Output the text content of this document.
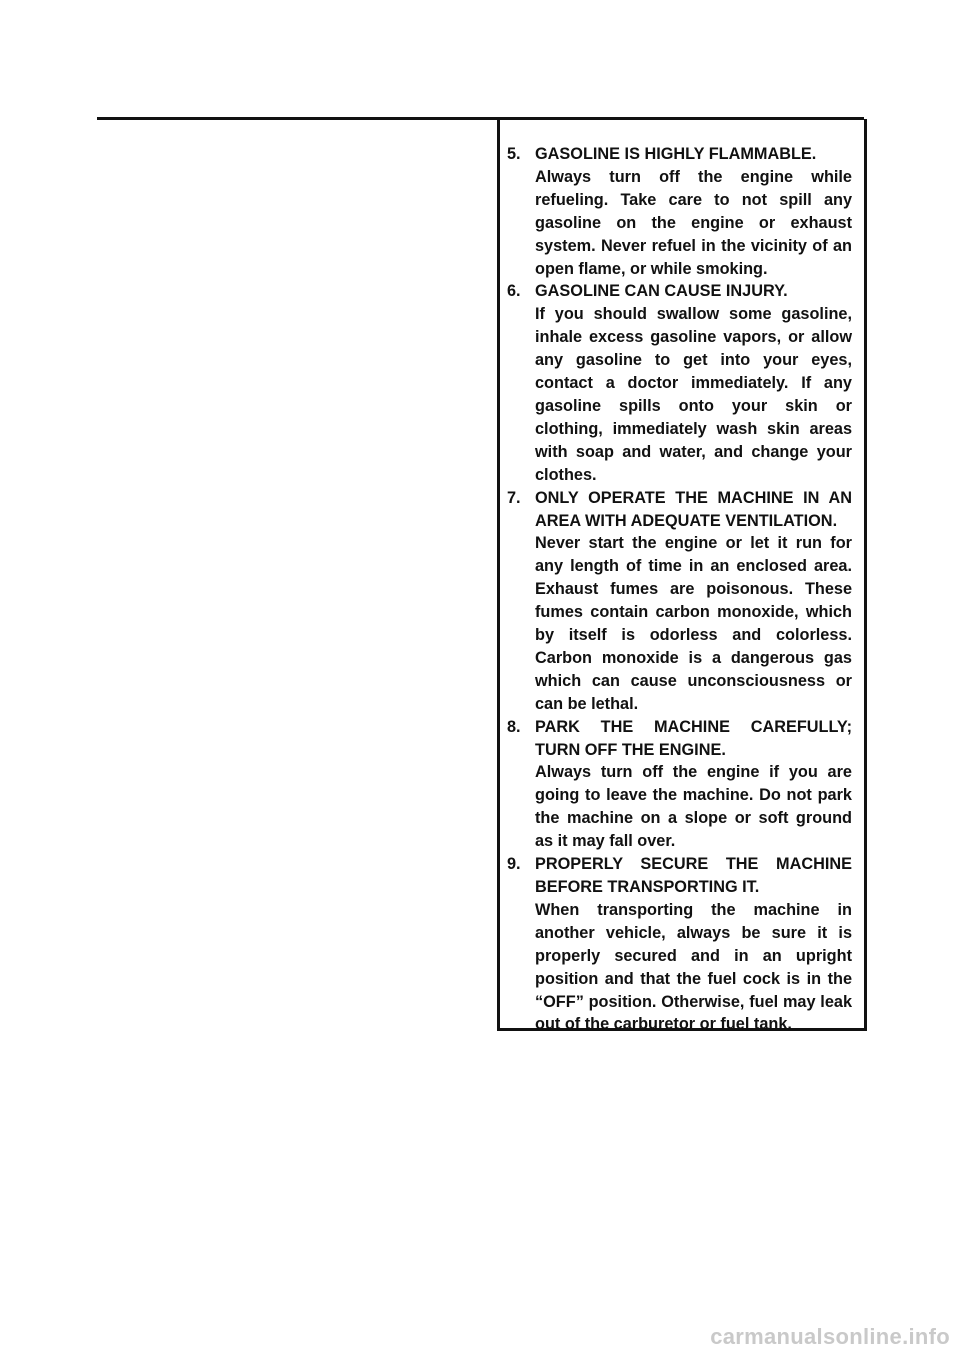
5. GASOLINE IS HIGHLY FLAMMABLE.
Always turn off the engine while refueling. Take care to not spill any gasoline on the engine or exhaust system. Never refuel in the vicinity of an open flame, or while smoking.
6. GASOLINE CAN CAUSE INJURY.
If you should swallow some gasoline, inhale excess gasoline vapors, or allow any gasoline to get into your eyes, contact a doctor immediately. If any gasoline spills onto your skin or clothing, immediately wash skin areas with soap and water, and change your clothes.
7. ONLY OPERATE THE MACHINE IN AN AREA WITH ADEQUATE VENTILATION.
Never start the engine or let it run for any length of time in an enclosed area. Exhaust fumes are poisonous. These fumes contain carbon monoxide, which by itself is odorless and colorless. Carbon monoxide is a dangerous gas which can cause unconsciousness or can be lethal.
8. PARK THE MACHINE CAREFULLY; TURN OFF THE ENGINE.
Always turn off the engine if you are going to leave the machine. Do not park the machine on a slope or soft ground as it may fall over.
9. PROPERLY SECURE THE MACHINE BEFORE TRANSPORTING IT.
When transporting the machine in another vehicle, always be sure it is properly secured and in an upright position and that the fuel cock is in the “OFF” position. Otherwise, fuel may leak out of the carburetor or fuel tank.
carmanualsonline.info
